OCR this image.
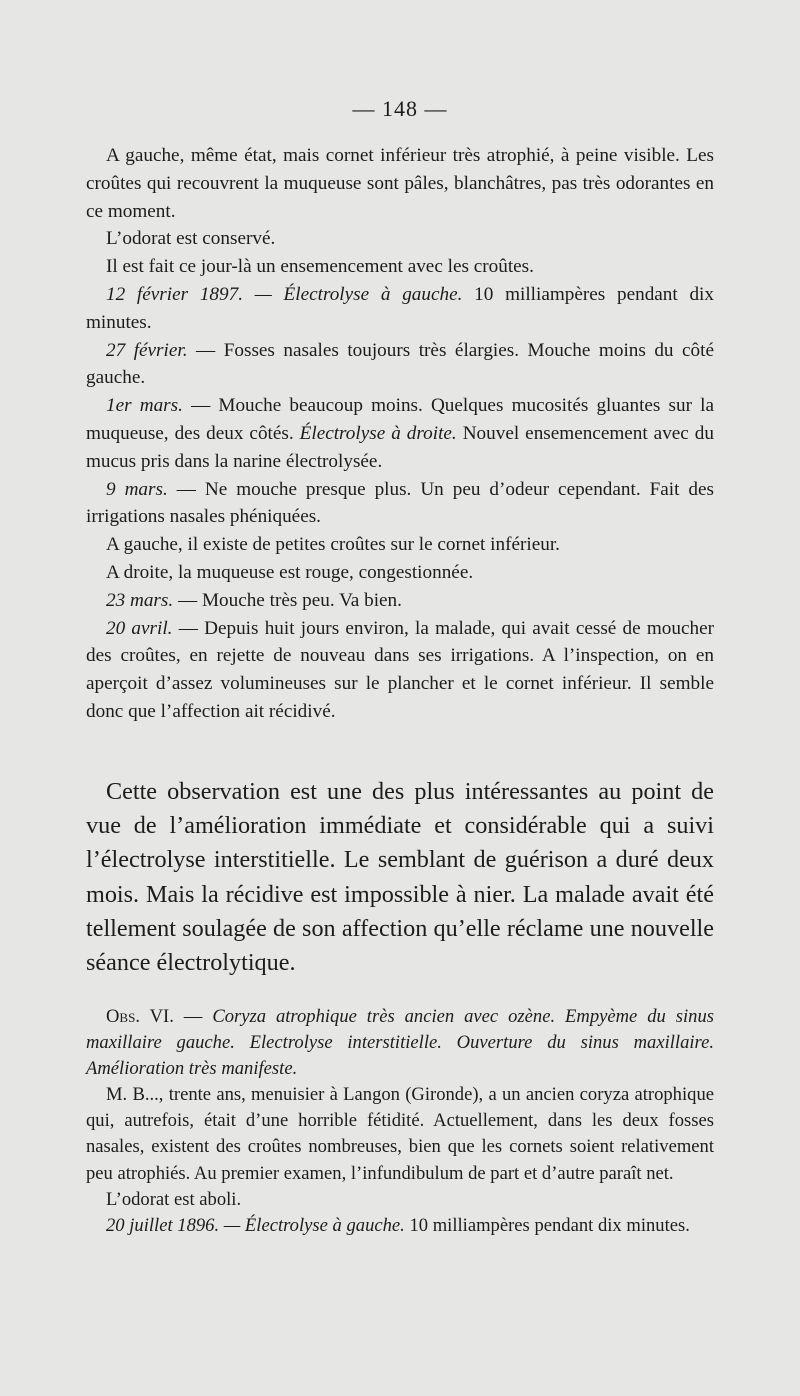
— 148 —

A gauche, même état, mais cornet inférieur très atrophié, à peine visible. Les croûtes qui recouvrent la muqueuse sont pâles, blanchâtres, pas très odorantes en ce moment.

L’odorat est conservé.

Il est fait ce jour-là un ensemencement avec les croûtes.

12 février 1897. — Électrolyse à gauche. 10 milliampères pendant dix minutes.

27 février. — Fosses nasales toujours très élargies. Mouche moins du côté gauche.

1er mars. — Mouche beaucoup moins. Quelques mucosités gluantes sur la muqueuse, des deux côtés. Électrolyse à droite. Nouvel ensemencement avec du mucus pris dans la narine électrolysée.

9 mars. — Ne mouche presque plus. Un peu d’odeur cependant. Fait des irrigations nasales phéniquées.

A gauche, il existe de petites croûtes sur le cornet inférieur.

A droite, la muqueuse est rouge, congestionnée.

23 mars. — Mouche très peu. Va bien.

20 avril. — Depuis huit jours environ, la malade, qui avait cessé de moucher des croûtes, en rejette de nouveau dans ses irrigations. A l’inspection, on en aperçoit d’assez volumineuses sur le plancher et le cornet inférieur. Il semble donc que l’affection ait récidivé.

Cette observation est une des plus intéressantes au point de vue de l’amélioration immédiate et considérable qui a suivi l’électrolyse interstitielle. Le semblant de guérison a duré deux mois. Mais la récidive est impossible à nier. La malade avait été tellement soulagée de son affection qu’elle réclame une nouvelle séance électrolytique.

Obs. VI. — Coryza atrophique très ancien avec ozène. Empyème du sinus maxillaire gauche. Electrolyse interstitielle. Ouverture du sinus maxillaire. Amélioration très manifeste.

M. B..., trente ans, menuisier à Langon (Gironde), a un ancien coryza atrophique qui, autrefois, était d’une horrible fétidité. Actuellement, dans les deux fosses nasales, existent des croûtes nombreuses, bien que les cornets soient relativement peu atrophiés. Au premier examen, l’infundibulum de part et d’autre paraît net.

L’odorat est aboli.

20 juillet 1896. — Électrolyse à gauche. 10 milliampères pendant dix minutes.
